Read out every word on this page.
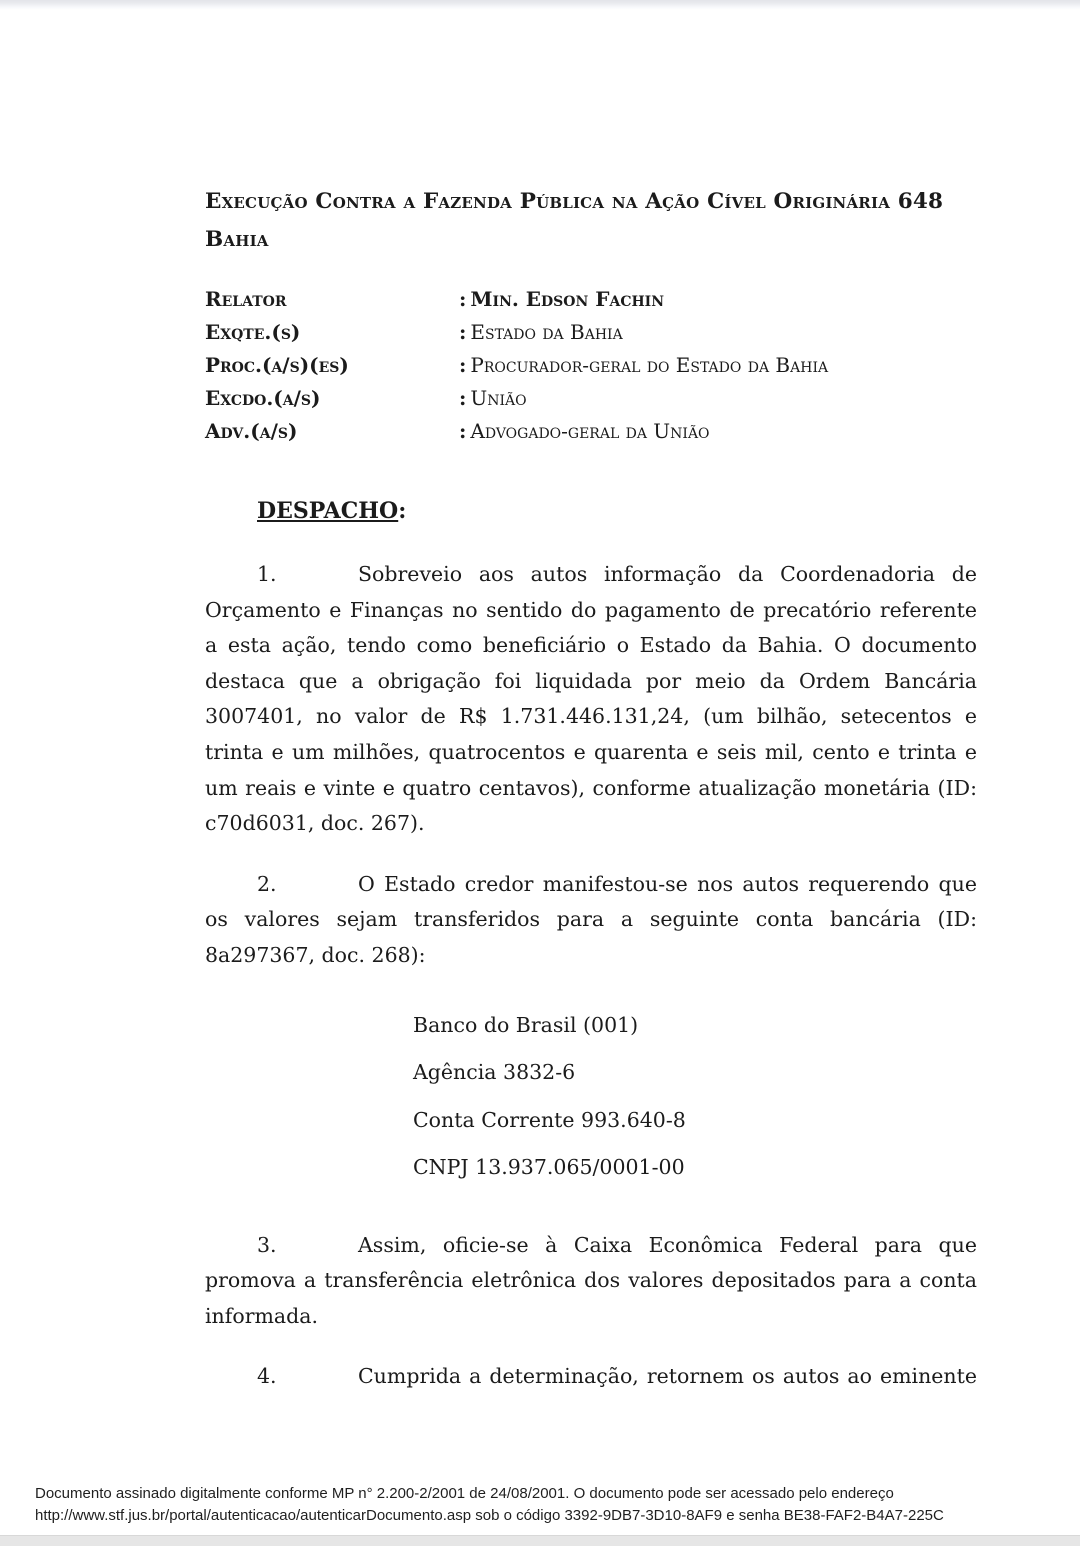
Execução Contra a Fazenda Pública na Ação Cível Originária 648 Bahia
Relator	: Min. Edson Fachin
Exqte.(s)	: Estado da Bahia
Proc.(a/s)(es)	: Procurador-geral do Estado da Bahia
Excdo.(a/s)	: União
Adv.(a/s)	: Advogado-geral da União
DESPACHO:

1.	Sobreveio aos autos informação da Coordenadoria de Orçamento e Finanças no sentido do pagamento de precatório referente a esta ação, tendo como beneficiário o Estado da Bahia. O documento destaca que a obrigação foi liquidada por meio da Ordem Bancária 3007401, no valor de R$ 1.731.446.131,24, (um bilhão, setecentos e trinta e um milhões, quatrocentos e quarenta e seis mil, cento e trinta e um reais e vinte e quatro centavos), conforme atualização monetária (ID: c70d6031, doc. 267).

2.	O Estado credor manifestou-se nos autos requerendo que os valores sejam transferidos para a seguinte conta bancária (ID: 8a297367, doc. 268):

Banco do Brasil (001)
Agência 3832-6
Conta Corrente 993.640-8
CNPJ 13.937.065/0001-00

3.	Assim, oficie-se à Caixa Econômica Federal para que promova a transferência eletrônica dos valores depositados para a conta informada.

4.	Cumprida a determinação, retornem os autos ao eminente

Documento assinado digitalmente conforme MP n° 2.200-2/2001 de 24/08/2001. O documento pode ser acessado pelo endereço
http://www.stf.jus.br/portal/autenticacao/autenticarDocumento.asp sob o código 3392-9DB7-3D10-8AF9 e senha BE38-FAF2-B4A7-225C
